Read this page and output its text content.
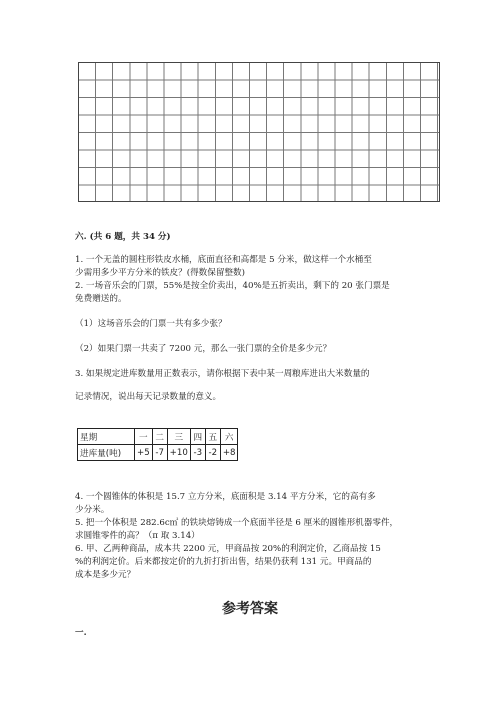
六. (共 6 题，共 34 分)
1. 一个无盖的圆柱形铁皮水桶，底面直径和高都是 5 分米，做这样一个水桶至
少需用多少平方分米的铁皮？(得数保留整数)
2. 一场音乐会的门票，55%是按全价卖出，40%是五折卖出，剩下的 20 张门票是
免费赠送的。
（1）这场音乐会的门票一共有多少张？
（2）如果门票一共卖了 7200 元，那么一张门票的全价是多少元？
3. 如果规定进库数量用正数表示，请你根据下表中某一周粮库进出大米数量的
记录情况，说出每天记录数量的意义。
星期	一	二	三	四	五	六
进库量(吨)	+5	-7	+10	-3	-2	+8
4. 一个圆锥体的体积是 15.7 立方分米，底面积是 3.14 平方分米，它的高有多
少分米。
5. 把一个体积是 282.6c㎡ 的铁块熔铸成一个底面半径是 6 厘米的圆锥形机器零件，
求圆锥零件的高？（π 取 3.14）
6. 甲、乙两种商品，成本共 2200 元，甲商品按 20%的利润定价，乙商品按 15
%的利润定价。后来都按定价的九折打折出售，结果仍获利 131 元。甲商品的
成本是多少元？
参考答案
一.
